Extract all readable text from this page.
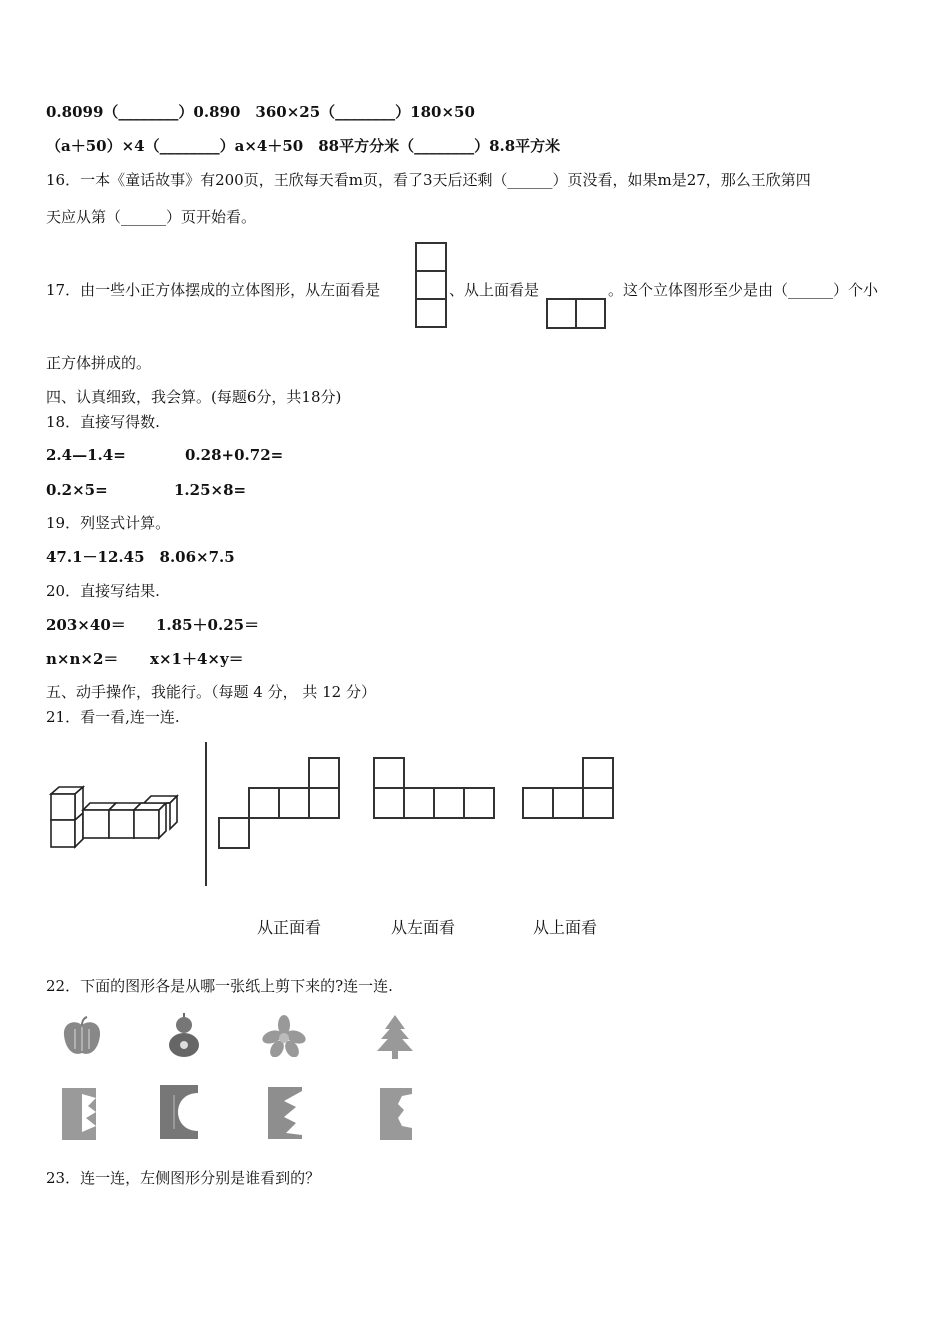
0.8099（________）0.890　360×25（________）180×50
（a＋50）×4（________）a×4＋50　88平方分米（________）8.8平方米
16．一本《童话故事》有200页，王欣每天看m页，看了3天后还剩（______）页没看，如果m是27，那么王欣第四
天应从第（______）页开始看。
17．由一些小正方体摆成的立体图形，从左面看是	、从上面看是	。这个立体图形至少是由（______）个小
正方体拼成的。
四、认真细致，我会算。(每题6分，共18分)
18．直接写得数.
2.4—1.4=	0.28+0.72=
0.2×5=	1.25×8=
19．列竖式计算。
47.1－12.45　8.06×7.5
20．直接写结果.
203×40＝ 1.85＋0.25＝
n×n×2＝ x×1＋4×y＝
五、动手操作，我能行。（每题 4 分， 共 12 分）
21．看一看,连一连.
从正面看	从左面看	从上面看
22．下面的图形各是从哪一张纸上剪下来的?连一连.
23．连一连，左侧图形分别是谁看到的？
